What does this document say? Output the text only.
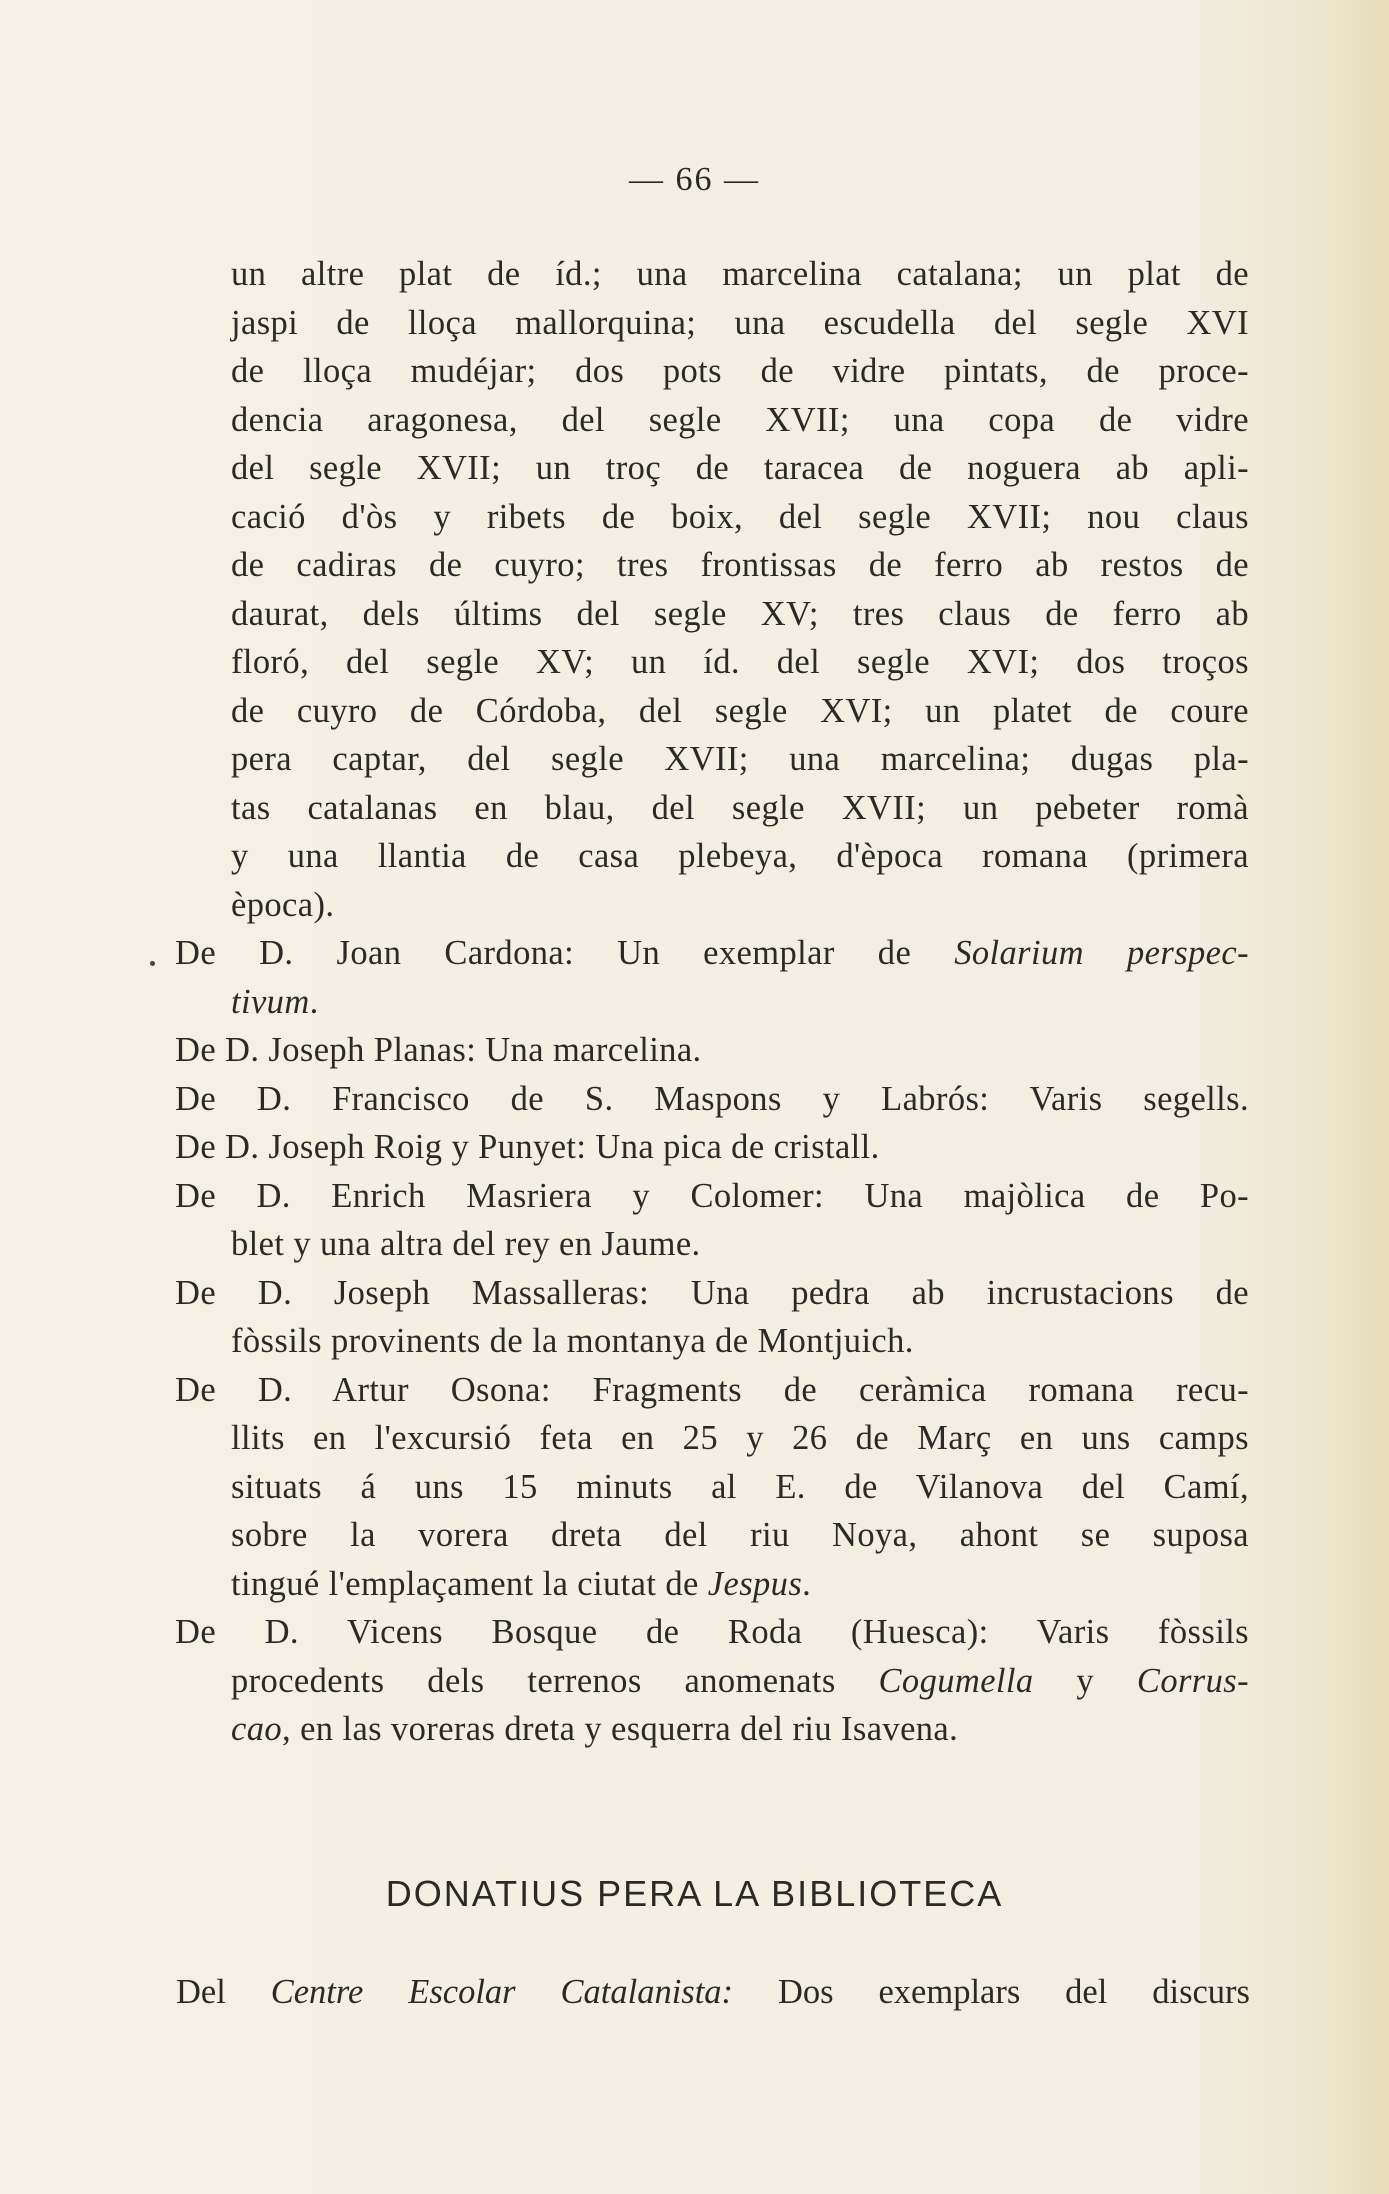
— 66 —
un altre plat de íd.; una marcelina catalana; un plat de
jaspi de lloça mallorquina; una escudella del segle XVI
de lloça mudéjar; dos pots de vidre pintats, de proce-
dencia aragonesa, del segle XVII; una copa de vidre
del segle XVII; un troç de taracea de noguera ab apli-
cació d'òs y ribets de boix, del segle XVII; nou claus
de cadiras de cuyro; tres frontissas de ferro ab restos de
daurat, dels últims del segle XV; tres claus de ferro ab
floró, del segle XV; un íd. del segle XVI; dos troços
de cuyro de Córdoba, del segle XVI; un platet de coure
pera captar, del segle XVII; una marcelina; dugas pla-
tas catalanas en blau, del segle XVII; un pebeter romà
y una llantia de casa plebeya, d'època romana (primera
època).
De D. Joan Cardona: Un exemplar de Solarium perspec-
tivum.
De D. Joseph Planas: Una marcelina.
De D. Francisco de S. Maspons y Labrós: Varis segells.
De D. Joseph Roig y Punyet: Una pica de cristall.
De D. Enrich Masriera y Colomer: Una majòlica de Po-
blet y una altra del rey en Jaume.
De D. Joseph Massalleras: Una pedra ab incrustacions de
fòssils provinents de la montanya de Montjuich.
De D. Artur Osona: Fragments de ceràmica romana recu-
llits en l'excursió feta en 25 y 26 de Març en uns camps
situats á uns 15 minuts al E. de Vilanova del Camí,
sobre la vorera dreta del riu Noya, ahont se suposa
tingué l'emplaçament la ciutat de Jespus.
De D. Vicens Bosque de Roda (Huesca): Varis fòssils
procedents dels terrenos anomenats Cogumella y Corrus-
cao, en las voreras dreta y esquerra del riu Isavena.
DONATIUS PERA LA BIBLIOTECA
Del Centre Escolar Catalanista: Dos exemplars del discurs
